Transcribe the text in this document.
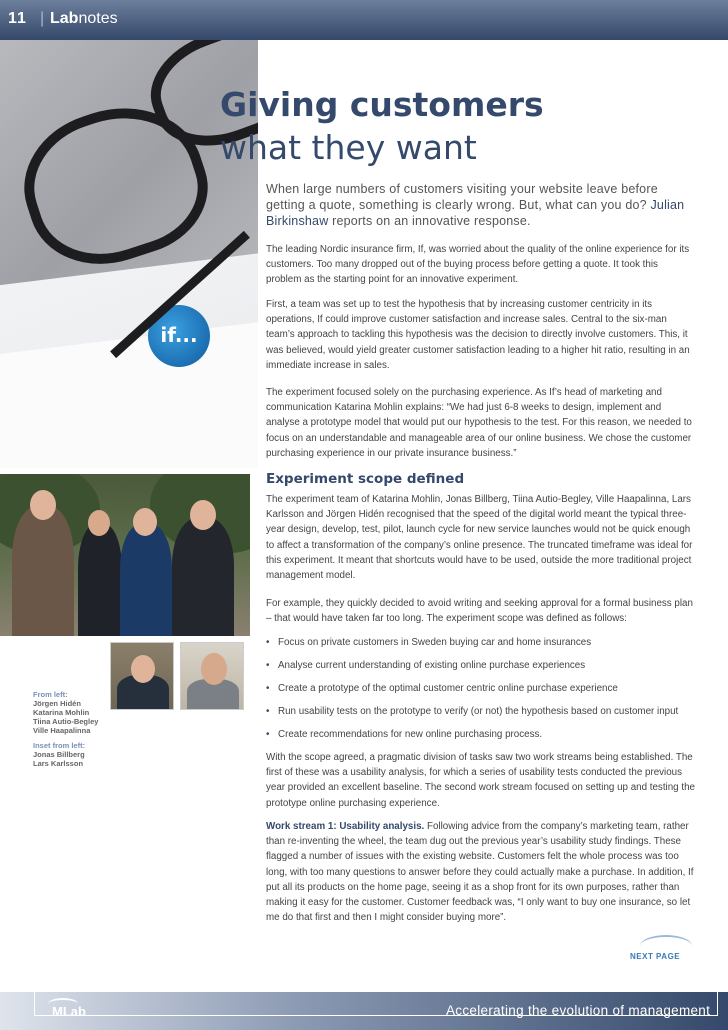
11 | Labnotes
if...
From left:
Jörgen Hidén
Katarina Mohlin
Tiina Autio-Begley
Ville Haapalinna
Inset from left:
Jonas Billberg
Lars Karlsson
Giving customers
what they want
When large numbers of customers visiting your website leave before getting a quote, something is clearly wrong. But, what can you do? Julian Birkinshaw reports on an innovative response.

The leading Nordic insurance firm, If, was worried about the quality of the online experience for its customers. Too many dropped out of the buying process before getting a quote. It took this problem as the starting point for an innovative experiment.

First, a team was set up to test the hypothesis that by increasing customer centricity in its operations, If could improve customer satisfaction and increase sales. Central to the six-man team’s approach to tackling this hypothesis was the decision to directly involve customers. This, it was believed, would yield greater customer satisfaction leading to a higher hit ratio, resulting in an immediate increase in sales.

The experiment focused solely on the purchasing experience. As If’s head of marketing and communication Katarina Mohlin explains: “We had just 6-8 weeks to design, implement and analyse a prototype model that would put our hypothesis to the test. For this reason, we needed to focus on an understandable and manageable area of our online business. We chose the customer purchasing experience in our private insurance business.”

Experiment scope defined

The experiment team of Katarina Mohlin, Jonas Billberg, Tiina Autio-Begley, Ville Haapalinna, Lars Karlsson and Jörgen Hidén recognised that the speed of the digital world meant the typical three-year design, develop, test, pilot, launch cycle for new service launches would not be quick enough to affect a transformation of the company’s online presence. The truncated timeframe was ideal for this experiment. It meant that shortcuts would have to be used, outside the more traditional project management model.

For example, they quickly decided to avoid writing and seeking approval for a formal business plan – that would have taken far too long. The experiment scope was defined as follows:

• Focus on private customers in Sweden buying car and home insurances
• Analyse current understanding of existing online purchase experiences
• Create a prototype of the optimal customer centric online purchase experience
• Run usability tests on the prototype to verify (or not) the hypothesis based on customer input
• Create recommendations for new online purchasing process.

With the scope agreed, a pragmatic division of tasks saw two work streams being established. The first of these was a usability analysis, for which a series of usability tests conducted the previous year provided an excellent baseline. The second work stream focused on setting up and testing the prototype online purchasing experience.

Work stream 1: Usability analysis. Following advice from the company’s marketing team, rather than re-inventing the wheel, the team dug out the previous year’s usability study findings. These flagged a number of issues with the existing website. Customers felt the whole process was too long, with too many questions to answer before they could actually make a purchase. In addition, If put all its products on the home page, seeing it as a shop front for its own purposes, rather than making it easy for the customer. Customer feedback was, “I only want to buy one insurance, so let me do that first and then I might consider buying more”.

NEXT PAGE
MLab	Accelerating the evolution of management
